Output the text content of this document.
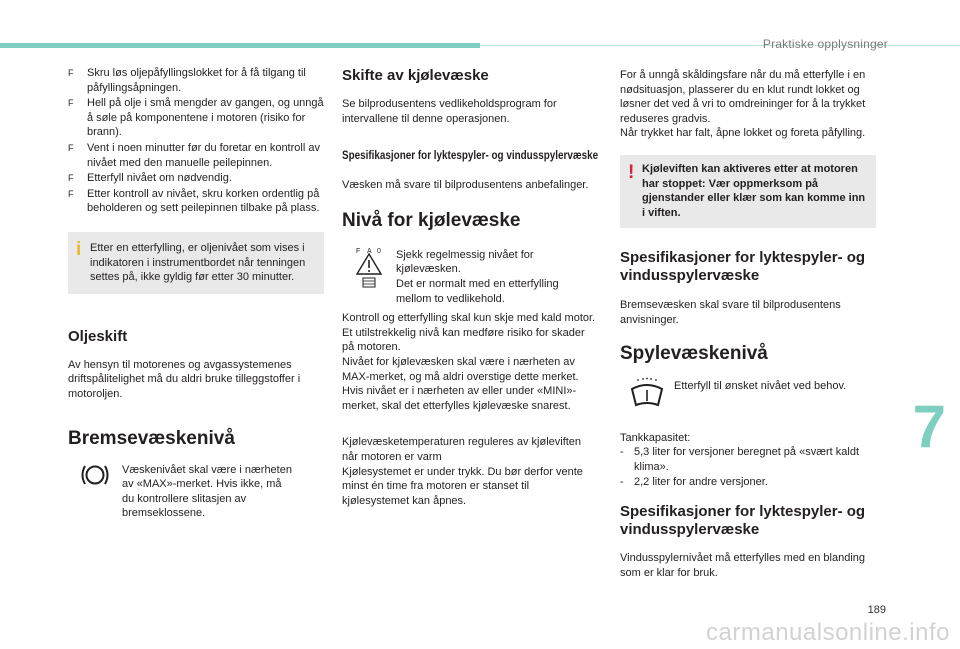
Praktiske opplysninger
F Skru løs oljepåfyllingslokket for å få tilgang til påfyllingsåpningen.
F Hell på olje i små mengder av gangen, og unngå å søle på komponentene i motoren (risiko for brann).
F Vent i noen minutter før du foretar en kontroll av nivået med den manuelle peilepinnen.
F Etterfyll nivået om nødvendig.
F Etter kontroll av nivået, skru korken ordentlig på beholderen og sett peilepinnen tilbake på plass.
i Etter en etterfylling, er oljenivået som vises i indikatoren i instrumentbordet når tenningen settes på, ikke gyldig før etter 30 minutter.

Oljeskift

Av hensyn til motorenes og avgassystemenes driftspålitelighet må du aldri bruke tilleggstoffer i motoroljen.

Bremsevæskenivå

Væskenivået skal være i nærheten av «MAX»-merket. Hvis ikke, må du kontrollere slitasjen av bremseklossene.

Skifte av kjølevæske

Se bilprodusentens vedlikeholdsprogram for intervallene til denne operasjonen.

Spesifikasjoner for lyktespyler- og vindusspylervæske

Væsken må svare til bilprodusentens anbefalinger.

Nivå for kjølevæske
F A 0 Sjekk regelmessig nivået for kjølevæsken.
Det er normalt med en etterfylling mellom to vedlikehold.

Kontroll og etterfylling skal kun skje med kald motor.
Et utilstrekkelig nivå kan medføre risiko for skader på motoren.
Nivået for kjølevæsken skal være i nærheten av MAX-merket, og må aldri overstige dette merket.
Hvis nivået er i nærheten av eller under «MINI»-merket, skal det etterfylles kjølevæske snarest.

Kjølevæsketemperaturen reguleres av kjøleviften når motoren er varm
Kjølesystemet er under trykk. Du bør derfor vente minst én time fra motoren er stanset til kjølesystemet kan åpnes.

For å unngå skåldingsfare når du må etterfylle i en nødsituasjon, plasserer du en klut rundt lokket og løsner det ved å vri to omdreininger for å la trykket reduseres gradvis.
Når trykket har falt, åpne lokket og foreta påfylling.

! Kjøleviften kan aktiveres etter at motoren har stoppet: Vær oppmerksom på gjenstander eller klær som kan komme inn i viften.

Spesifikasjoner for lyktespyler- og vindusspylervæske

Bremsevæsken skal svare til bilprodusentens anvisninger.

Spylevæskenivå

Etterfyll til ønsket nivået ved behov.

Tankkapasitet:

- 5,3 liter for versjoner beregnet på «svært kaldt klima».
- 2,2 liter for andre versjoner.
Spesifikasjoner for lyktespyler- og vindusspylervæske

Vindusspylernivået må etterfylles med en blanding som er klar for bruk.

7
189
carmanualsonline.info
